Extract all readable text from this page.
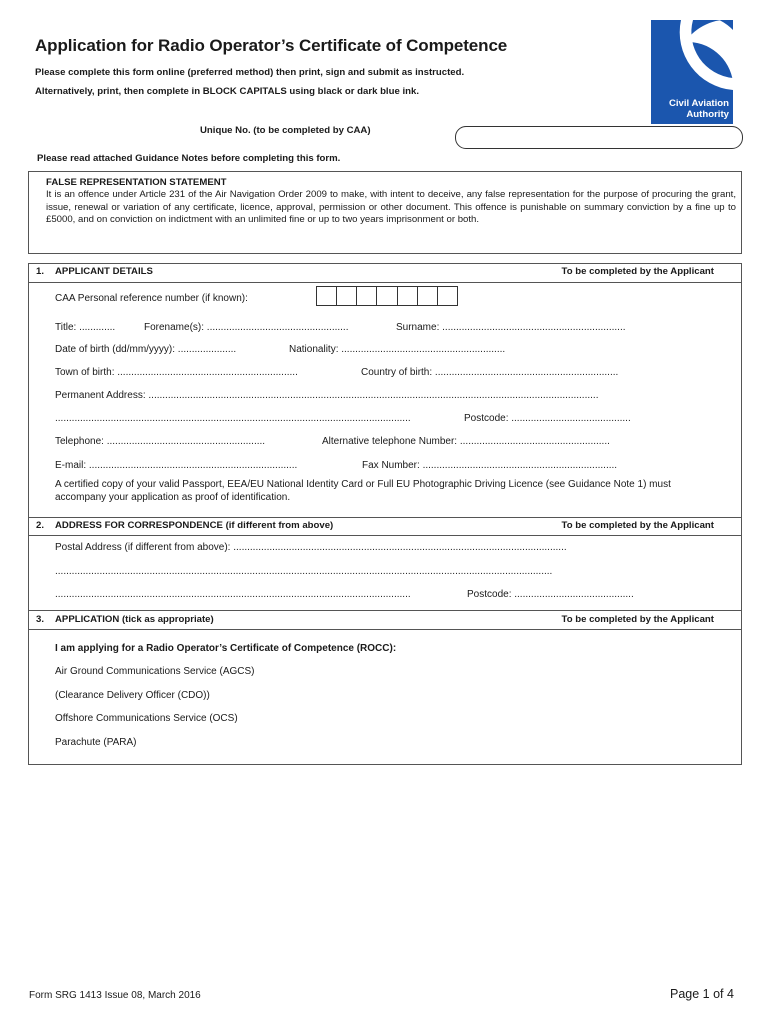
Application for Radio Operator’s Certificate of Competence
Please complete this form online (preferred method) then print, sign and submit as instructed.
Alternatively, print, then complete in BLOCK CAPITALS using black or dark blue ink.
Civil Aviation
Authority
Unique No. (to be completed by CAA)
Please read attached Guidance Notes before completing this form.
FALSE REPRESENTATION STATEMENT
It is an offence under Article 231 of the Air Navigation Order 2009 to make, with intent to deceive, any false representation for the purpose of procuring the grant, issue, renewal or variation of any certificate, licence, approval, permission or other document. This offence is punishable on summary conviction by a fine up to £5000, and on conviction on indictment with an unlimited fine or up to two years imprisonment or both.
1. APPLICANT DETAILS	To be completed by the Applicant
CAA Personal reference number (if known):
Title: .............	Forename(s): ...................................................	Surname: ..................................................................
Date of birth (dd/mm/yyyy): .....................	Nationality: ...........................................................
Town of birth: .................................................................	Country of birth: ..................................................................
Permanent Address: ..................................................................................................................................................................
................................................................................................................................	Postcode: ...........................................
Telephone: .........................................................	Alternative telephone Number: ......................................................
E-mail: ...........................................................................	Fax Number: ......................................................................
A certified copy of your valid Passport, EEA/EU National Identity Card or Full EU Photographic Driving Licence (see Guidance Note 1) must accompany your application as proof of identification.
2. ADDRESS FOR CORRESPONDENCE (if different from above)	To be completed by the Applicant
Postal Address (if different from above): ........................................................................................................................
...................................................................................................................................................................................
................................................................................................................................	Postcode: ...........................................
3. APPLICATION (tick as appropriate)	To be completed by the Applicant
I am applying for a Radio Operator’s Certificate of Competence (ROCC):
Air Ground Communications Service (AGCS)
(Clearance Delivery Officer (CDO))
Offshore Communications Service (OCS)
Parachute (PARA)
Form SRG 1413 Issue 08, March 2016	Page 1 of 4
